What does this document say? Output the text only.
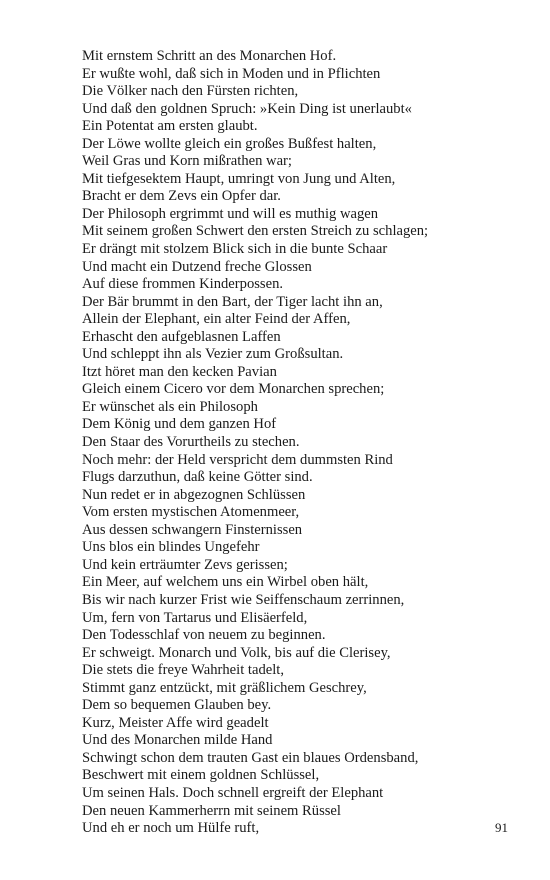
Mit ernstem Schritt an des Monarchen Hof.
Er wußte wohl, daß sich in Moden und in Pflichten
Die Völker nach den Fürsten richten,
Und daß den goldnen Spruch: »Kein Ding ist unerlaubt«
Ein Potentat am ersten glaubt.
Der Löwe wollte gleich ein großes Bußfest halten,
Weil Gras und Korn mißrathen war;
Mit tiefgesektem Haupt, umringt von Jung und Alten,
Bracht er dem Zevs ein Opfer dar.
Der Philosoph ergrimmt und will es muthig wagen
Mit seinem großen Schwert den ersten Streich zu schlagen;
Er drängt mit stolzem Blick sich in die bunte Schaar
Und macht ein Dutzend freche Glossen
Auf diese frommen Kinderpossen.
Der Bär brummt in den Bart, der Tiger lacht ihn an,
Allein der Elephant, ein alter Feind der Affen,
Erhascht den aufgeblasnen Laffen
Und schleppt ihn als Vezier zum Großsultan.
Itzt höret man den kecken Pavian
Gleich einem Cicero vor dem Monarchen sprechen;
Er wünschet als ein Philosoph
Dem König und dem ganzen Hof
Den Staar des Vorurtheils zu stechen.
Noch mehr: der Held verspricht dem dummsten Rind
Flugs darzuthun, daß keine Götter sind.
Nun redet er in abgezognen Schlüssen
Vom ersten mystischen Atomenmeer,
Aus dessen schwangern Finsternissen
Uns blos ein blindes Ungefehr
Und kein erträumter Zevs gerissen;
Ein Meer, auf welchem uns ein Wirbel oben hält,
Bis wir nach kurzer Frist wie Seiffenschaum zerrinnen,
Um, fern von Tartarus und Elisäerfeld,
Den Todesschlaf von neuem zu beginnen.
Er schweigt. Monarch und Volk, bis auf die Clerisey,
Die stets die freye Wahrheit tadelt,
Stimmt ganz entzückt, mit gräßlichem Geschrey,
Dem so bequemen Glauben bey.
Kurz, Meister Affe wird geadelt
Und des Monarchen milde Hand
Schwingt schon dem trauten Gast ein blaues Ordensband,
Beschwert mit einem goldnen Schlüssel,
Um seinen Hals. Doch schnell ergreift der Elephant
Den neuen Kammerherrn mit seinem Rüssel
Und eh er noch um Hülfe ruft,	91
